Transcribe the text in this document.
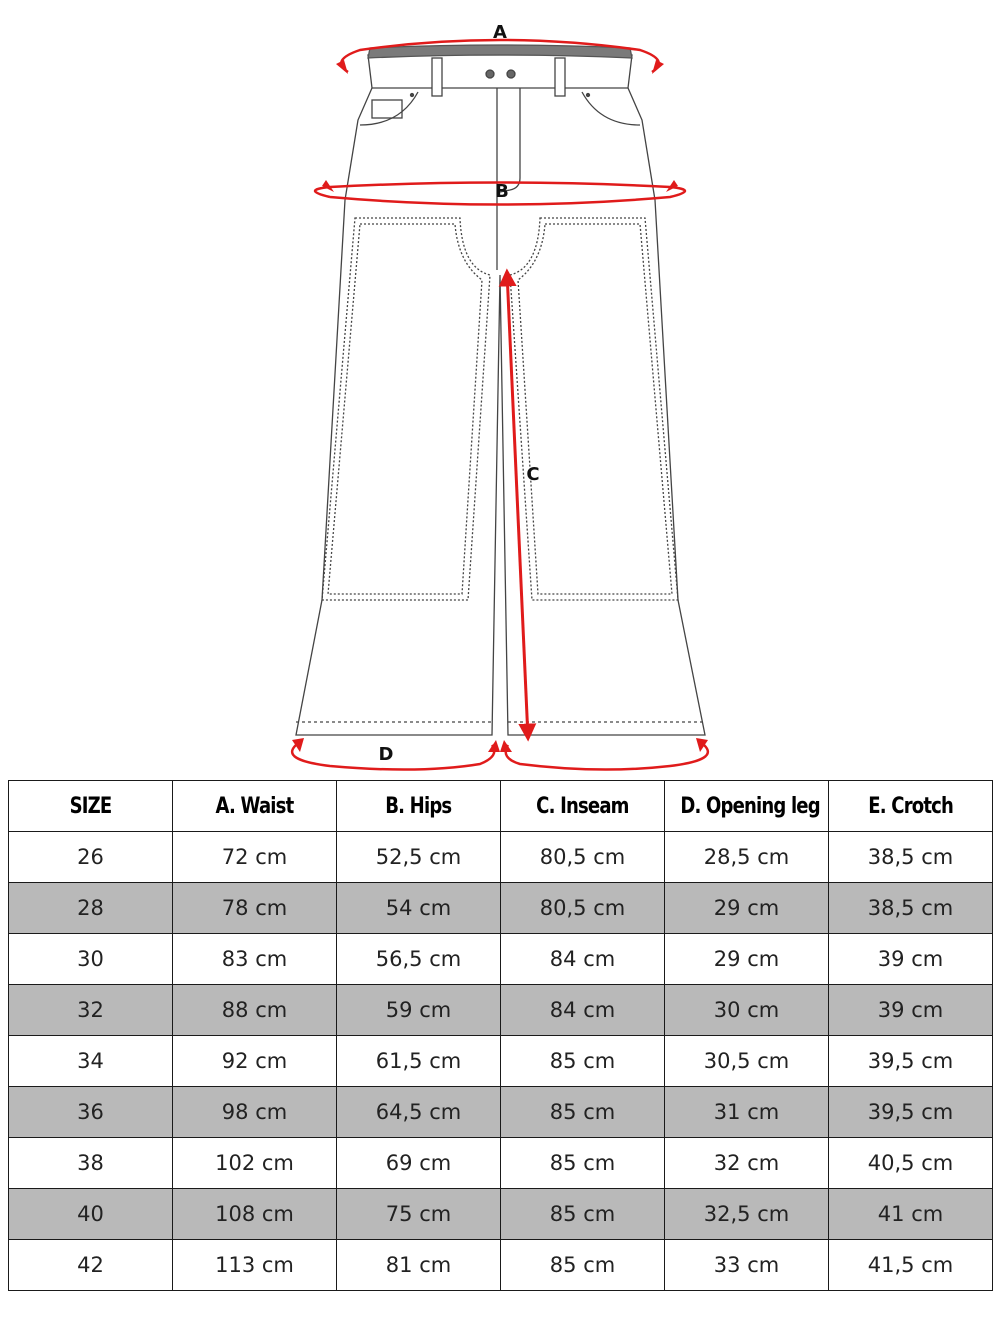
A
B
C
D
SIZE	A. Waist	B. Hips	C. Inseam	D. Opening leg	E. Crotch
26	72 cm	52,5 cm	80,5 cm	28,5 cm	38,5 cm
28	78 cm	54 cm	80,5 cm	29 cm	38,5 cm
30	83 cm	56,5 cm	84 cm	29 cm	39 cm
32	88 cm	59 cm	84 cm	30 cm	39 cm
34	92 cm	61,5 cm	85 cm	30,5 cm	39,5 cm
36	98 cm	64,5 cm	85 cm	31 cm	39,5 cm
38	102 cm	69 cm	85 cm	32 cm	40,5 cm
40	108 cm	75 cm	85 cm	32,5 cm	41 cm
42	113 cm	81 cm	85 cm	33 cm	41,5 cm
